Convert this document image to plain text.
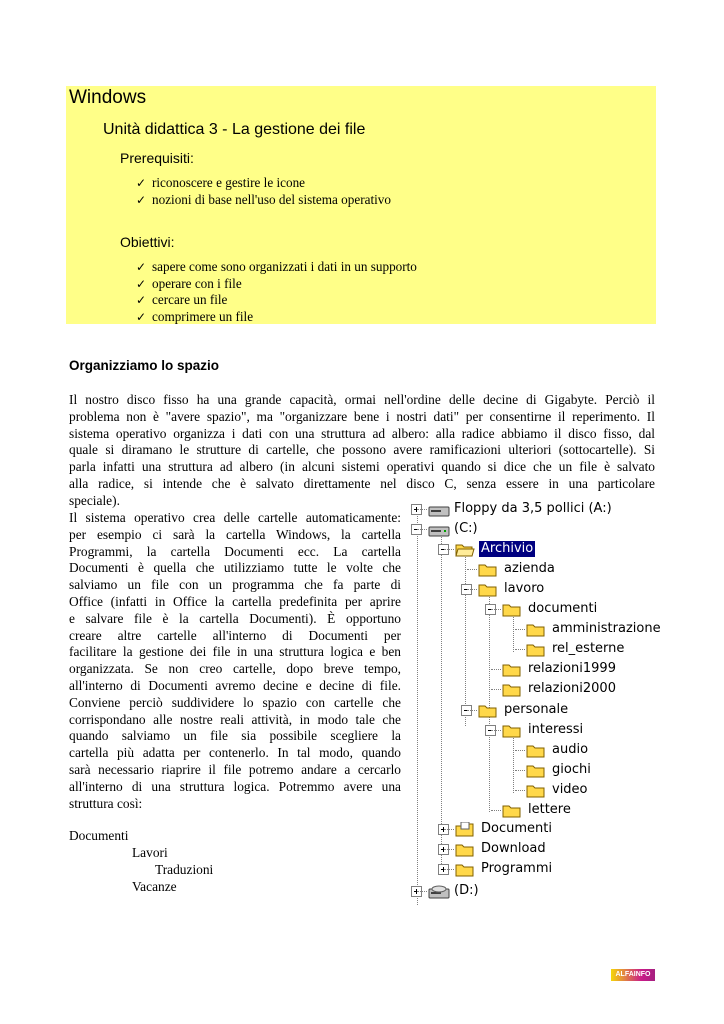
Windows
Unità didattica 3 - La gestione dei file
Prerequisiti:
✓ riconoscere e gestire le icone
✓ nozioni di base nell'uso del sistema operativo
Obiettivi:
✓ sapere come sono organizzati i dati in un supporto
✓ operare con i file
✓ cercare un file
✓ comprimere un file
Organizziamo lo spazio
Il nostro disco fisso ha una grande capacità, ormai nell'ordine delle decine di Gigabyte. Perciò il
problema non è "avere spazio", ma "organizzare bene i nostri dati" per consentirne il reperimento. Il
sistema operativo organizza i dati con una struttura ad albero: alla radice abbiamo il disco fisso, dal
quale si diramano le strutture di cartelle, che possono avere ramificazioni ulteriori (sottocartelle). Si
parla infatti una struttura ad albero (in alcuni sistemi operativi quando si dice che un file è salvato
alla radice, si intende che è salvato direttamente nel disco C, senza essere in una particolare
speciale).
Il sistema operativo crea delle cartelle automaticamente:
per esempio ci sarà la cartella Windows, la cartella
Programmi, la cartella Documenti ecc. La cartella
Documenti è quella che utilizziamo tutte le volte che
salviamo un file con un programma che fa parte di
Office (infatti in Office la cartella predefinita per aprire
e salvare file è la cartella Documenti). È opportuno
creare altre cartelle all'interno di Documenti per
facilitare la gestione dei file in una struttura logica e ben
organizzata. Se non creo cartelle, dopo breve tempo,
all'interno di Documenti avremo decine e decine di file.
Conviene perciò suddividere lo spazio con cartelle che
corrispondano alle nostre reali attività, in modo tale che
quando salviamo un file sia possibile scegliere la
cartella più adatta per contenerlo. In tal modo, quando
sarà necessario riaprire il file potremo andare a cercarlo
all'interno di una struttura logica. Potremmo avere una
struttura così:
Documenti
Lavori
Traduzioni
Vacanze
Floppy da 3,5 pollici (A:)
(C:)
Archivio
azienda
lavoro
documenti
amministrazione
rel_esterne
relazioni1999
relazioni2000
personale
interessi
audio
giochi
video
lettere
Documenti
Download
Programmi
(D:)
ALFAINFO
